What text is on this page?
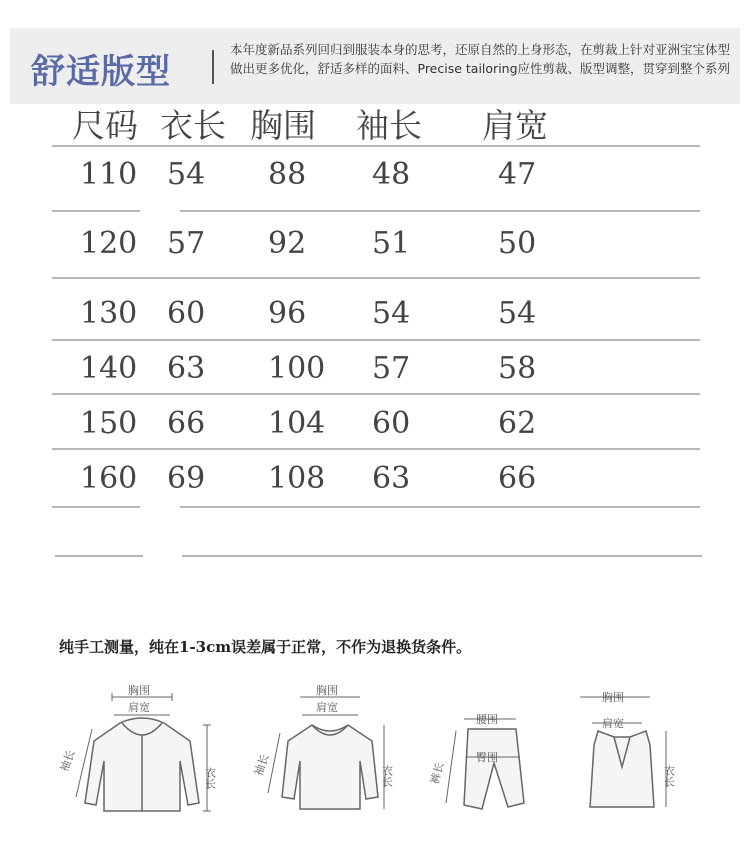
舒适版型
本年度新品系列回归到服装本身的思考，还原自然的上身形态，在剪裁上针对亚洲宝宝体型做出更多优化，舒适多样的面料、Precise tailoring应性剪裁、版型调整，贯穿到整个系列
尺码 衣长 胸围 袖长 肩宽
110 54 88 48	47
120 57 92 51	50
130 60 96 54	54
140 63 100 57	58
150 66 104 60	62
160 69 108 63	66
纯手工测量，纯在1-3cm误差属于正常，不作为退换货条件。
胸围
肩宽
袖长
衣长
胸围
肩宽
袖长	衣长
腰围
臀围
裤长
胸围
肩宽
衣长
